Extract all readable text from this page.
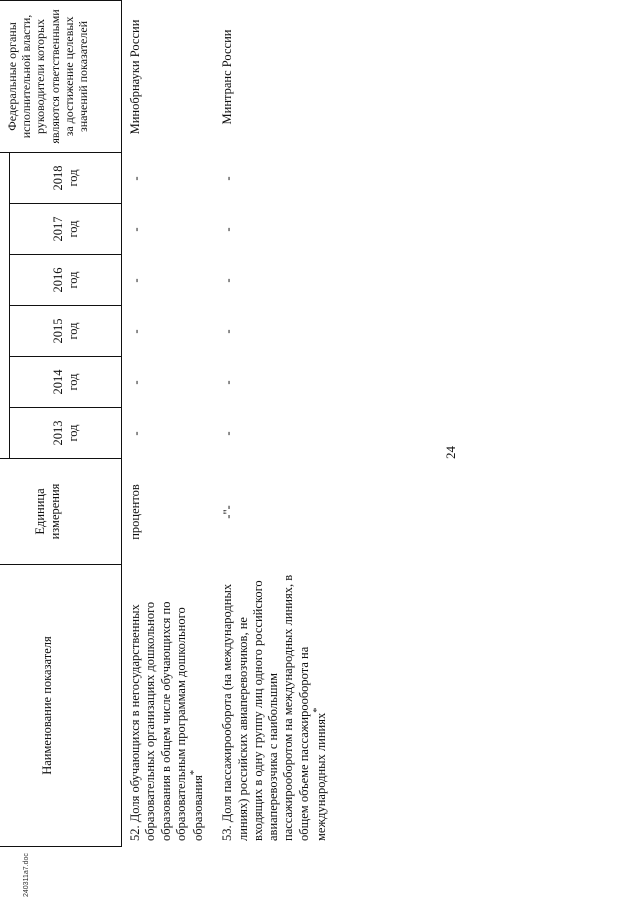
24
240311a7.doc
Наименование показателя	Единица измерения							Федеральные органы исполнительной власти, руководители которых являются ответственными за достижение целевых значений показателей
		2013 год	2014 год	2015 год	2016 год	2017 год	2018 год	
52. Доля обучающихся в негосударственных образовательных организациях дошкольного образования в общем числе обучающихся по образовательным программам дошкольного образования*	процентов	-	-	-	-	-	-	Минобрнауки России
53. Доля пассажирооборота (на международных линиях) российских авиаперевозчиков, не входящих в одну группу лиц одного российского авиаперевозчика с наибольшим пассажирооборотом на международных линиях, в общем объеме пассажирооборота на международных линиях*	-"-	-	-	-	-	-	-	Минтранс России
